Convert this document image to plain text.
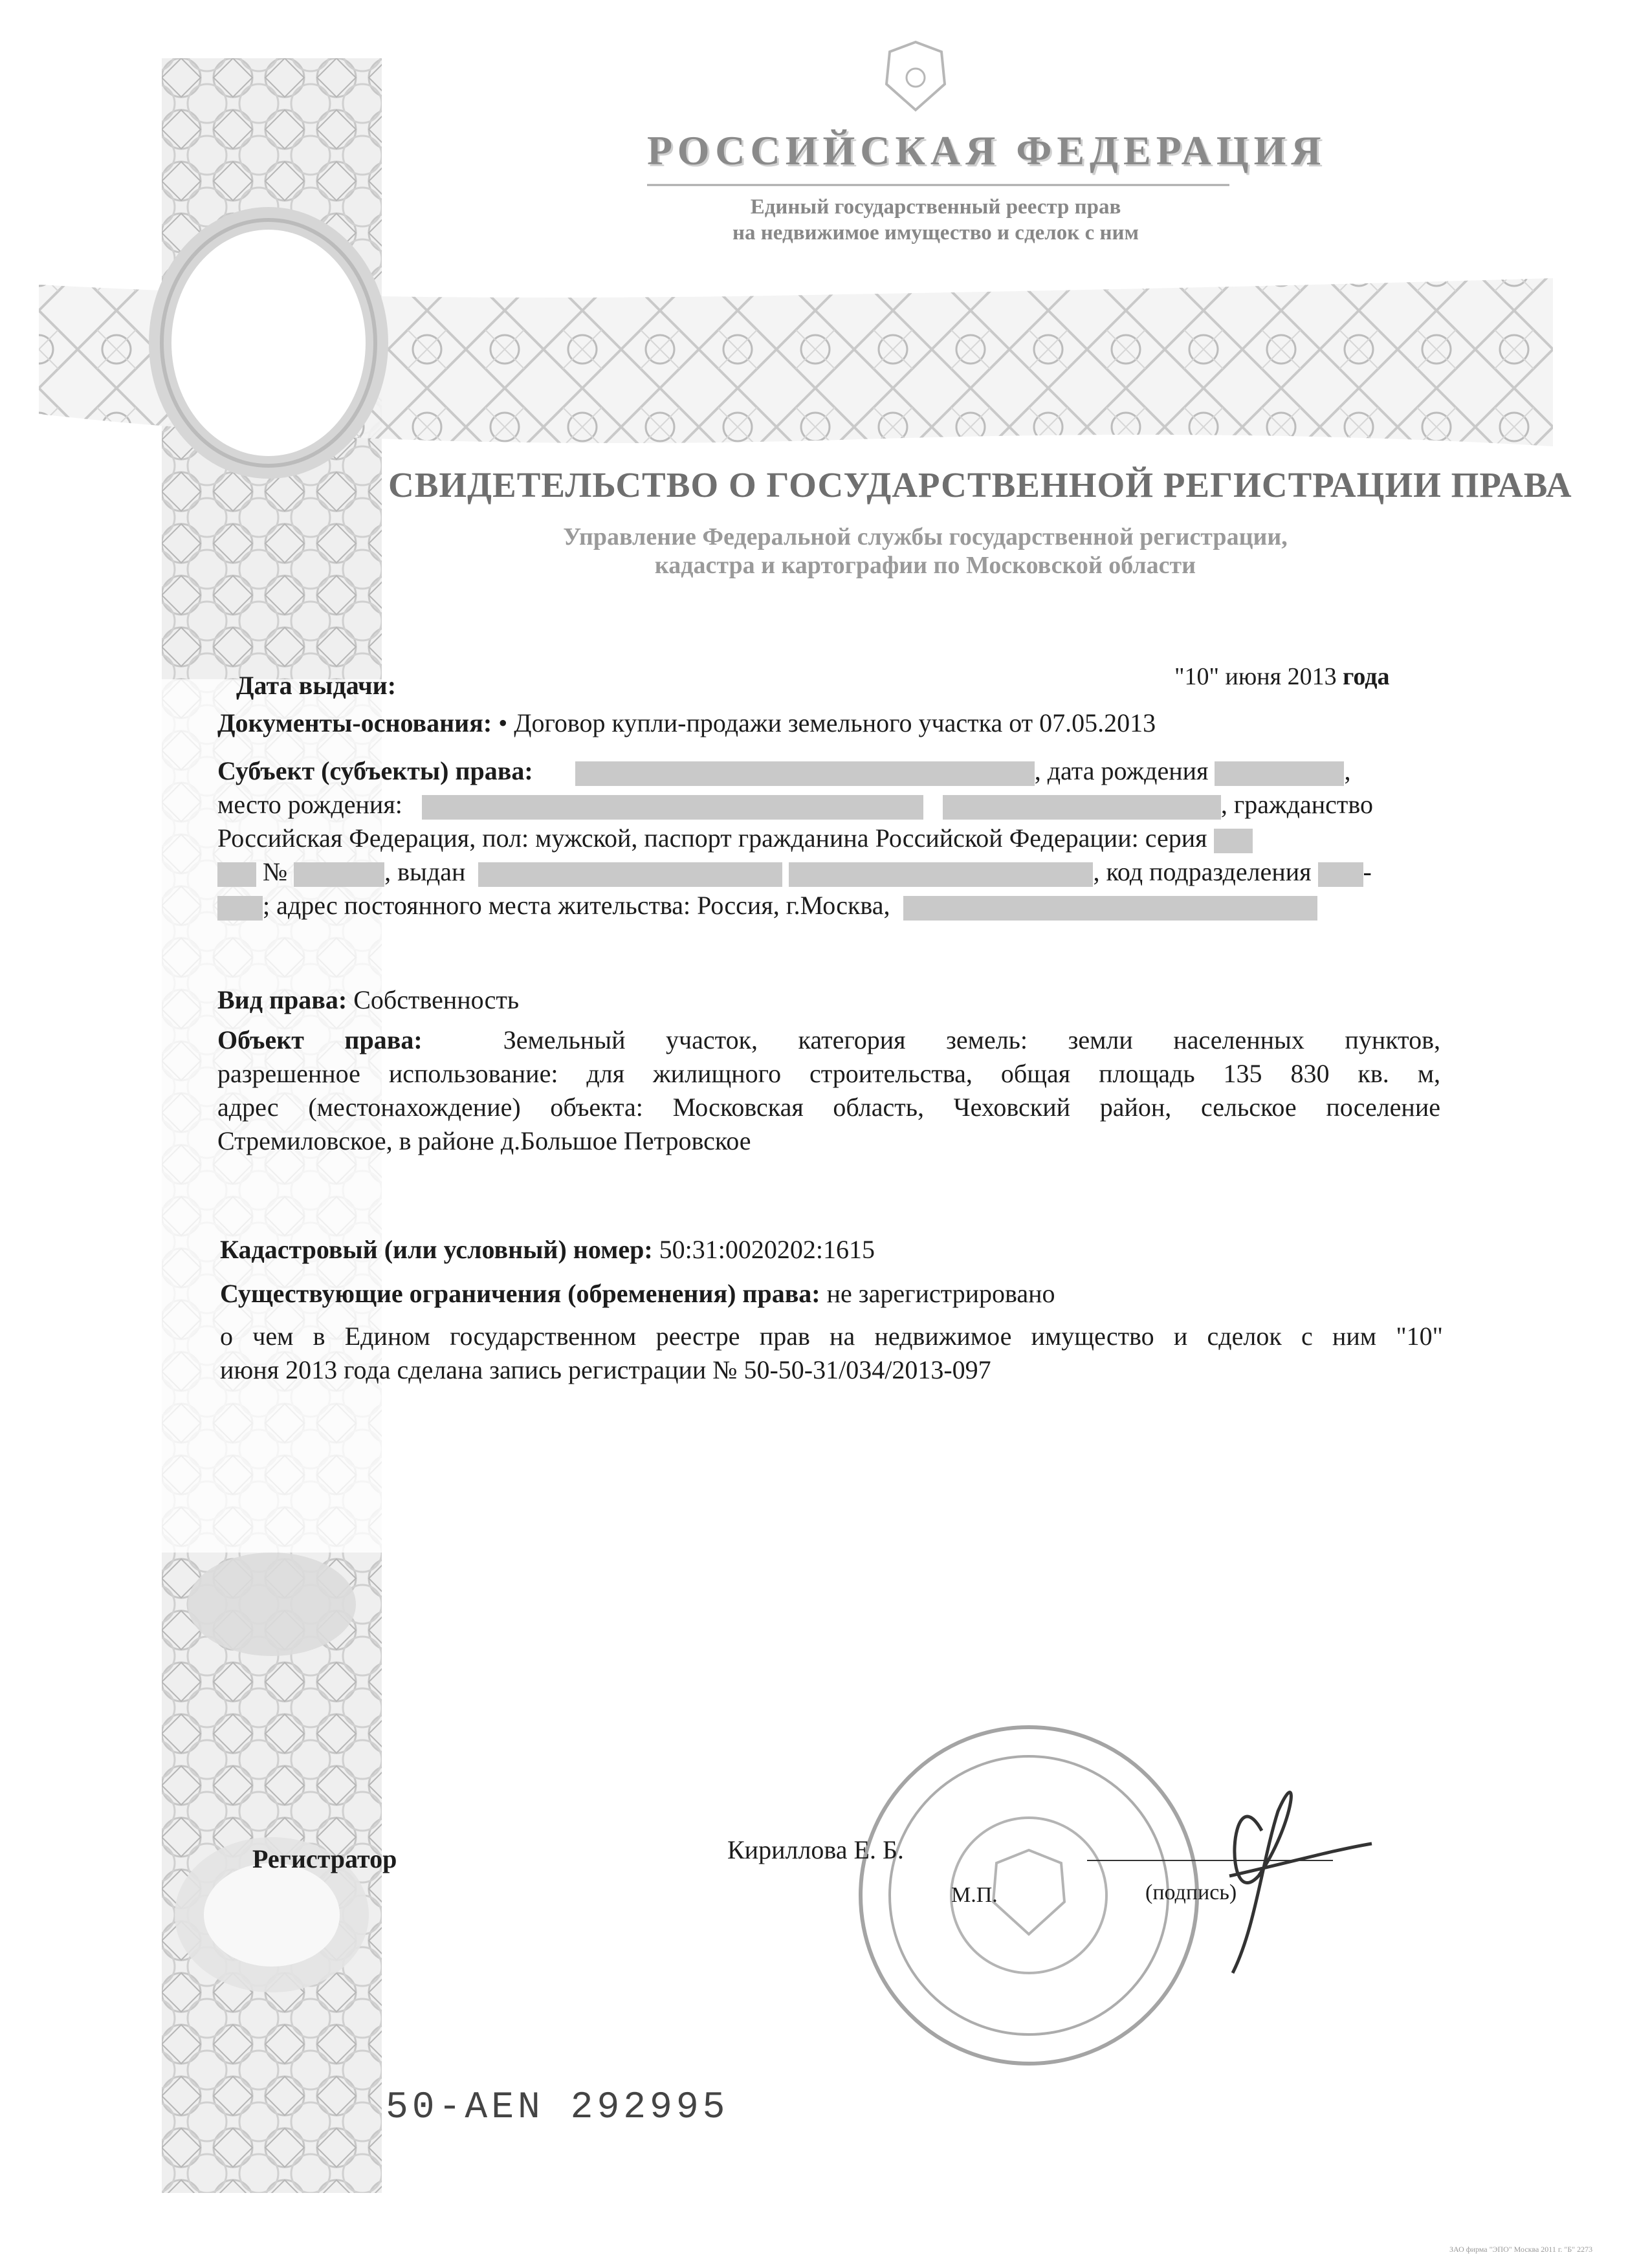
РОССИЙСКАЯ ФЕДЕРАЦИЯ
Единый государственный реестр прав
на недвижимое имущество и сделок с ним
СВИДЕТЕЛЬСТВО О ГОСУДАРСТВЕННОЙ РЕГИСТРАЦИИ ПРАВА
Управление Федеральной службы государственной регистрации,
кадастра и картографии по Московской области
Дата выдачи:	"10" июня 2013 года
Документы-основания: • Договор купли-продажи земельного участка от 07.05.2013
Субъект (субъекты) права:	, дата рождения	,
место рождения:	, гражданство
Российская Федерация, пол: мужской, паспорт гражданина Российской Федерации: серия
№	, выдан	, код подразделения -
; адрес постоянного места жительства: Россия, г.Москва,
Вид права: Собственность
Объект права:	Земельный участок, категория земель: земли населенных пунктов,
разрешенное использование: для жилищного строительства, общая площадь 135 830 кв. м,
адрес (местонахождение) объекта: Московская область, Чеховский район, сельское поселение
Стремиловское, в районе д.Большое Петровское
Кадастровый (или условный) номер: 50:31:0020202:1615
Существующие ограничения (обременения) права: не зарегистрировано
о чем в Едином государственном реестре прав на недвижимое имущество и сделок с ним "10"
июня 2013 года сделана запись регистрации № 50-50-31/034/2013-097
Регистратор	Кириллова Е. Б.
М.П.	(подпись)
50-AEN 292995
ЗАО фирма "ЭПО" Москва 2011 г. "Б" 2273
